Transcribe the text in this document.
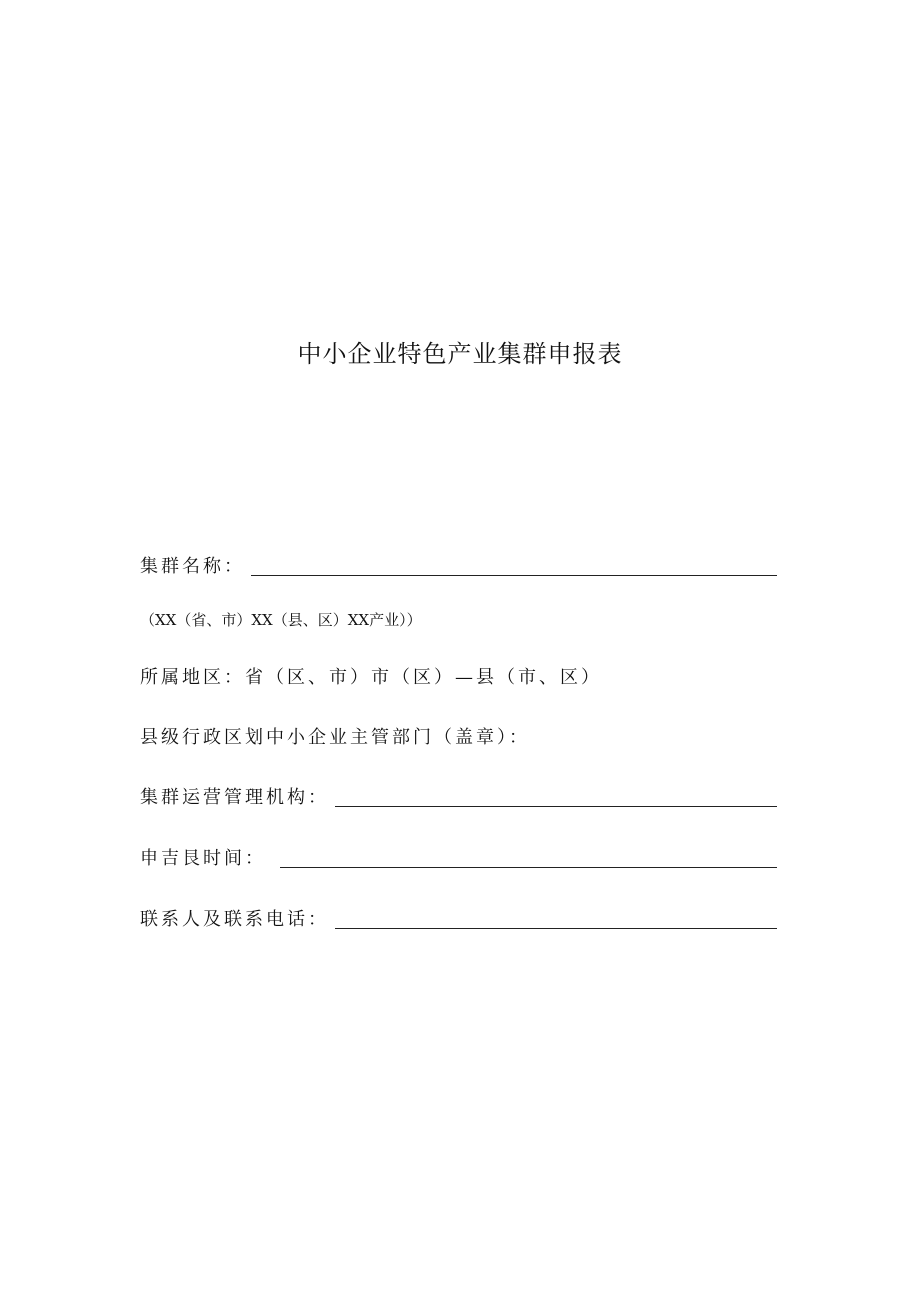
中小企业特色产业集群申报表
集群名称：
（XX（省、市）XX（县、区）XX产业））
所属地区：省（区、市）市（区）—县（市、区）
县级行政区划中小企业主管部门（盖章）：
集群运营管理机构：
申吉艮时间：
联系人及联系电话：
